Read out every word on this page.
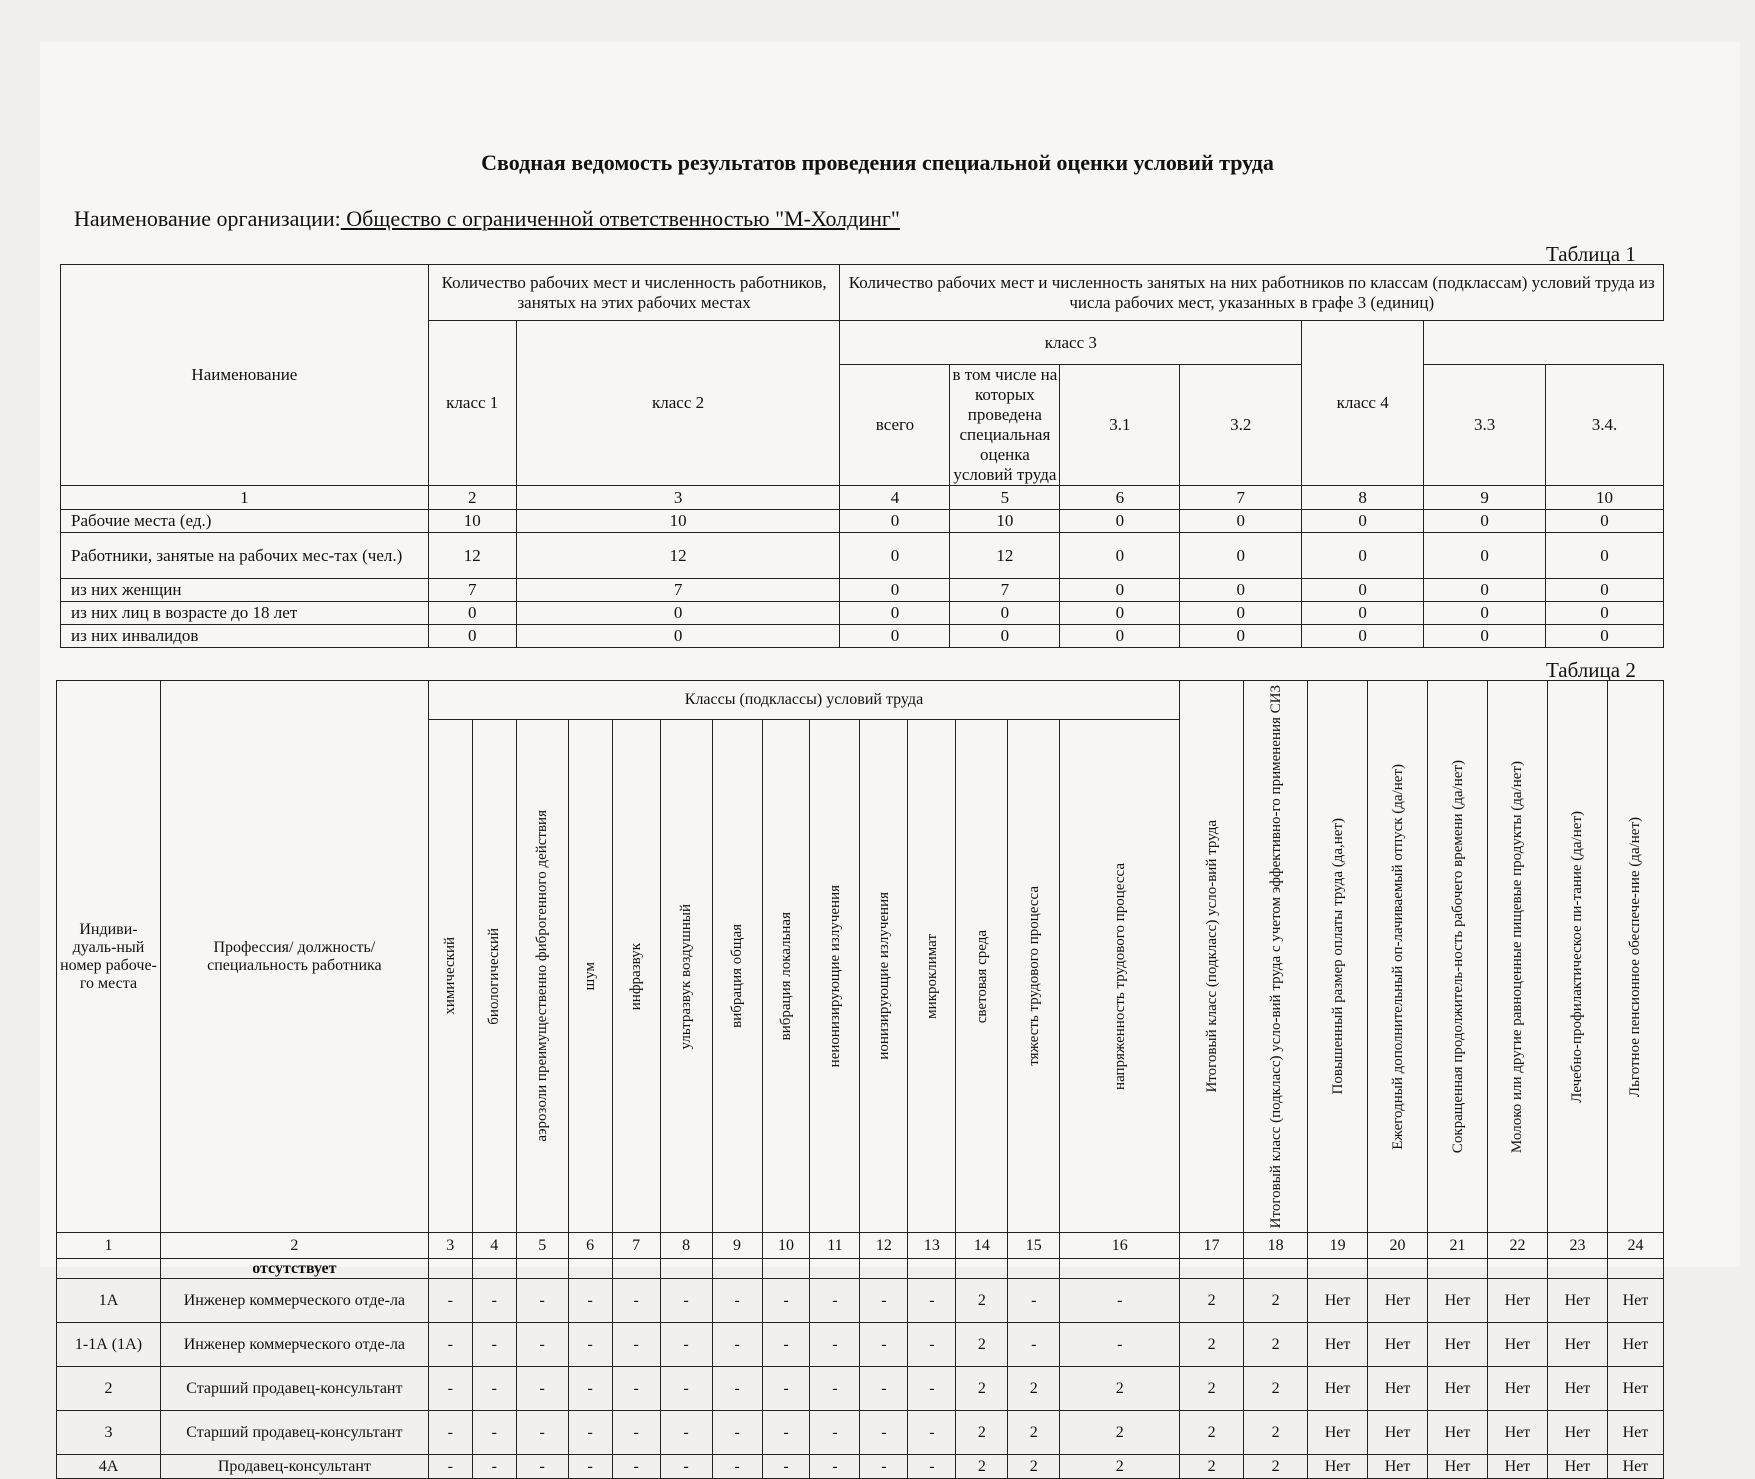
Сводная ведомость результатов проведения специальной оценки условий труда
Наименование организации: Общество с ограниченной ответственностью "М-Холдинг"
Таблица 1
Наименование	Количество рабочих мест и численность работников, занятых на этих рабочих местах		Количество рабочих мест и численность занятых на них работников по классам (подклассам) условий труда из числа рабочих мест, указанных в графе 3 (единиц)						
	класс 1	класс 2	класс 3				класс 4		
			всего	в том числе на которых проведена специальная оценка условий труда	3.1	3.2		3.3	3.4.
1	2	3	4	5	6	7	8	9	10
Рабочие места (ед.)	10	10	0	10	0	0	0	0	0
Работники, занятые на рабочих мес-тах (чел.)	12	12	0	12	0	0	0	0	0
из них женщин	7	7	0	7	0	0	0	0	0
из них лиц в возрасте до 18 лет	0	0	0	0	0	0	0	0	0
из них инвалидов	0	0	0	0	0	0	0	0	0
Таблица 2
Индиви-дуаль-ный номер рабоче-го места	Профессия/ должность/ специальность работника	Классы (подклассы) условий труда														Итоговый класс (подкласс) усло-вий труда	Итоговый класс (подкласс) усло-вий труда с учетом эффективно-го применения СИЗ	Повышенный размер оплаты труда (да,нет)	Ежегодный дополнительный оп-лачиваемый отпуск (да/нет)	Сокращенная продолжитель-ность рабочего времени (да/нет)	Молоко или другие равноценные пищевые продукты (да/нет)	Лечебно-профилактическое пи-тание (да/нет)	Льготное пенсионное обеспече-ние (да/нет)

		химический	биологический	аэрозоли преимущественно фиброгенного действия	шум	инфразвук	ультразвук воздушный	вибрация общая	вибрация локальная	неионизирующие излучения	ионизирующие излучения	микроклимат	световая среда	тяжесть трудового процесса	напряженность трудового процесса								

1	2	3	4	5	6	7	8	9	10	11	12	13	14	15	16	17	18	19	20	21	22	23	24
	отсутствует																						
1А	Инженер коммерческого отде-ла	-	-	-	-	-	-	-	-	-	-	-	2	-	-	2	2	Нет	Нет	Нет	Нет	Нет	Нет
1-1А (1А)	Инженер коммерческого отде-ла	-	-	-	-	-	-	-	-	-	-	-	2	-	-	2	2	Нет	Нет	Нет	Нет	Нет	Нет
2	Старший продавец-консультант	-	-	-	-	-	-	-	-	-	-	-	2	2	2	2	2	Нет	Нет	Нет	Нет	Нет	Нет
3	Старший продавец-консультант	-	-	-	-	-	-	-	-	-	-	-	2	2	2	2	2	Нет	Нет	Нет	Нет	Нет	Нет
4А	Продавец-консультант	-	-	-	-	-	-	-	-	-	-	-	2	2	2	2	2	Нет	Нет	Нет	Нет	Нет	Нет
